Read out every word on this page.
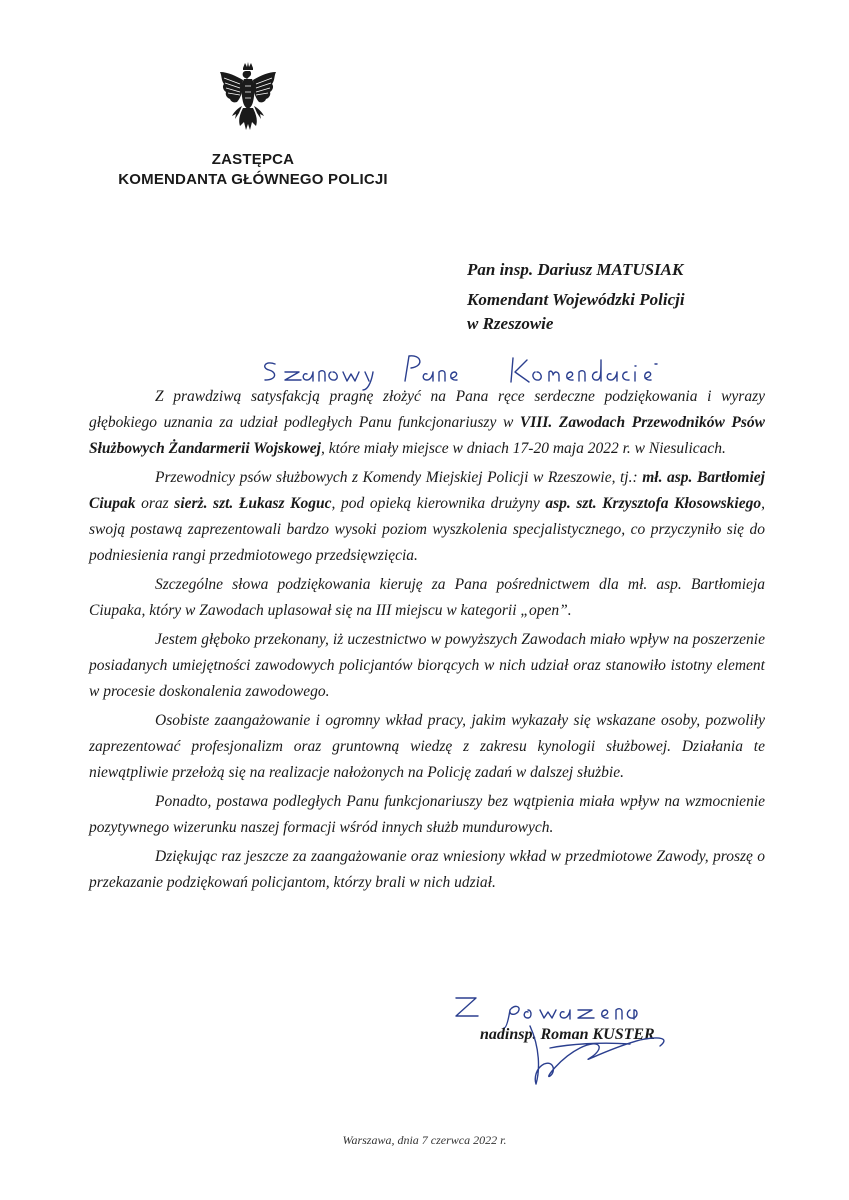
ZASTĘPCA
KOMENDANTA GŁÓWNEGO POLICJI
Pan insp. Dariusz MATUSIAK
Komendant Wojewódzki Policji
w Rzeszowie

Z prawdziwą satysfakcją pragnę złożyć na Pana ręce serdeczne podziękowania i wyrazy głębokiego uznania za udział podległych Panu funkcjonariuszy w VIII. Zawodach Przewodników Psów Służbowych Żandarmerii Wojskowej, które miały miejsce w dniach 17-20 maja 2022 r. w Niesulicach.

Przewodnicy psów służbowych z Komendy Miejskiej Policji w Rzeszowie, tj.: mł. asp. Bartłomiej Ciupak oraz sierż. szt. Łukasz Koguc, pod opieką kierownika drużyny asp. szt. Krzysztofa Kłosowskiego, swoją postawą zaprezentowali bardzo wysoki poziom wyszkolenia specjalistycznego, co przyczyniło się do podniesienia rangi przedmiotowego przedsięwzięcia.

Szczególne słowa podziękowania kieruję za Pana pośrednictwem dla mł. asp. Bartłomieja Ciupaka, który w Zawodach uplasował się na III miejscu w kategorii „open”.

Jestem głęboko przekonany, iż uczestnictwo w powyższych Zawodach miało wpływ na poszerzenie posiadanych umiejętności zawodowych policjantów biorących w nich udział oraz stanowiło istotny element w procesie doskonalenia zawodowego.

Osobiste zaangażowanie i ogromny wkład pracy, jakim wykazały się wskazane osoby, pozwoliły zaprezentować profesjonalizm oraz gruntowną wiedzę z zakresu kynologii służbowej. Działania te niewątpliwie przełożą się na realizacje nałożonych na Policję zadań w dalszej służbie.

Ponadto, postawa podległych Panu funkcjonariuszy bez wątpienia miała wpływ na wzmocnienie pozytywnego wizerunku naszej formacji wśród innych służb mundurowych.

Dziękując raz jeszcze za zaangażowanie oraz wniesiony wkład w przedmiotowe Zawody, proszę o przekazanie podziękowań policjantom, którzy brali w nich udział.

nadinsp. Roman KUSTER
Warszawa, dnia 7 czerwca 2022 r.
